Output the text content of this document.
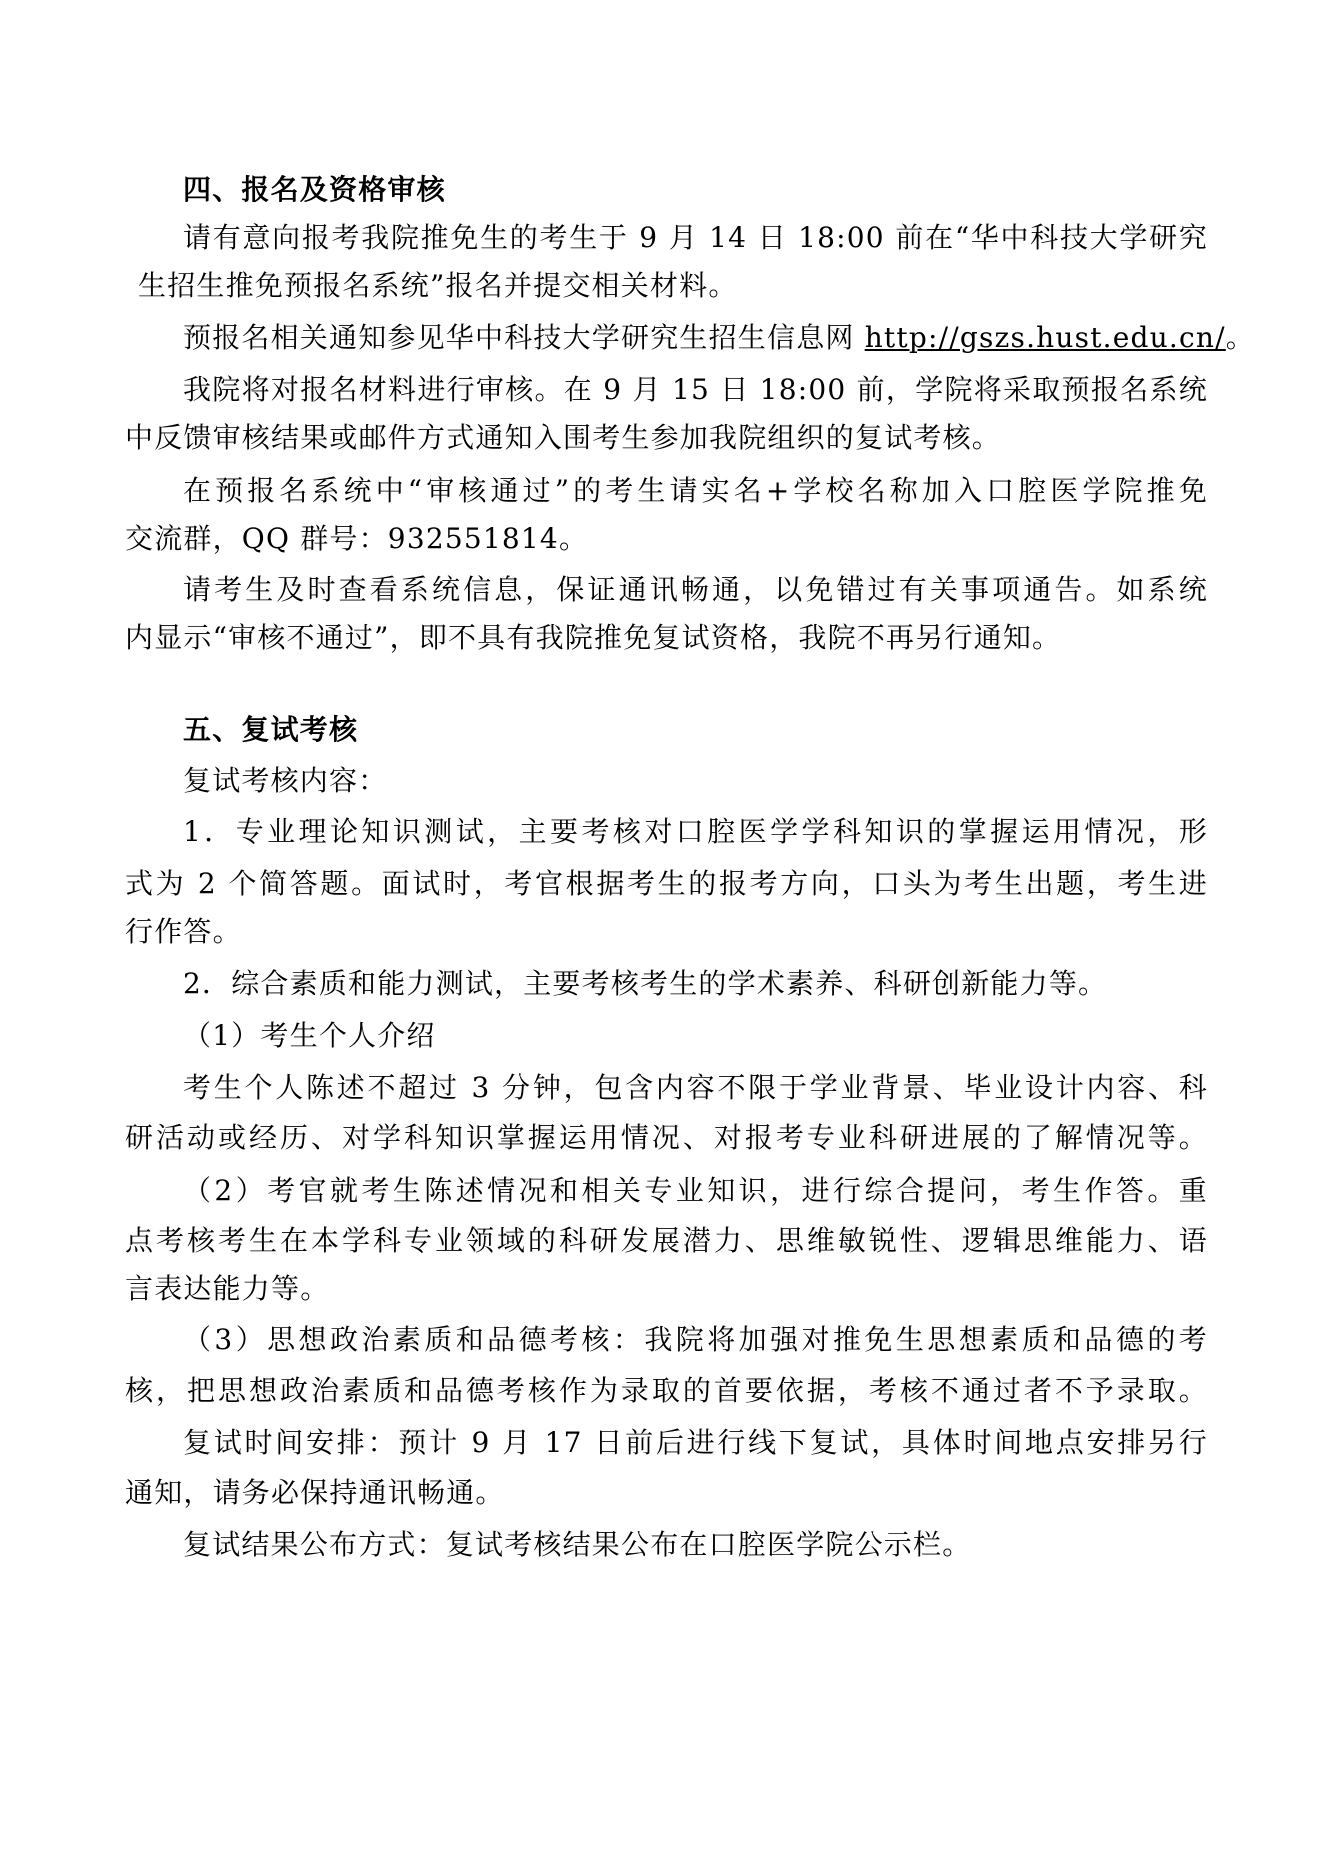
四、报名及资格审核
请有意向报考我院推免生的考生于 9 月 14 日 18:00 前在“华中科技大学研究
生招生推免预报名系统”报名并提交相关材料。
预报名相关通知参见华中科技大学研究生招生信息网 http://gszs.hust.edu.cn/。
我院将对报名材料进行审核。在 9 月 15 日 18:00 前，学院将采取预报名系统
中反馈审核结果或邮件方式通知入围考生参加我院组织的复试考核。
在预报名系统中“审核通过”的考生请实名+学校名称加入口腔医学院推免
交流群，QQ 群号：932551814。
请考生及时查看系统信息，保证通讯畅通，以免错过有关事项通告。如系统
内显示“审核不通过”，即不具有我院推免复试资格，我院不再另行通知。
五、复试考核
复试考核内容：
1．专业理论知识测试，主要考核对口腔医学学科知识的掌握运用情况，形
式为 2 个简答题。面试时，考官根据考生的报考方向，口头为考生出题，考生进
行作答。
2．综合素质和能力测试，主要考核考生的学术素养、科研创新能力等。
（1）考生个人介绍
考生个人陈述不超过 3 分钟，包含内容不限于学业背景、毕业设计内容、科
研活动或经历、对学科知识掌握运用情况、对报考专业科研进展的了解情况等。
（2）考官就考生陈述情况和相关专业知识，进行综合提问，考生作答。重
点考核考生在本学科专业领域的科研发展潜力、思维敏锐性、逻辑思维能力、语
言表达能力等。
（3）思想政治素质和品德考核：我院将加强对推免生思想素质和品德的考
核，把思想政治素质和品德考核作为录取的首要依据，考核不通过者不予录取。
复试时间安排：预计 9 月 17 日前后进行线下复试，具体时间地点安排另行
通知，请务必保持通讯畅通。
复试结果公布方式：复试考核结果公布在口腔医学院公示栏。
